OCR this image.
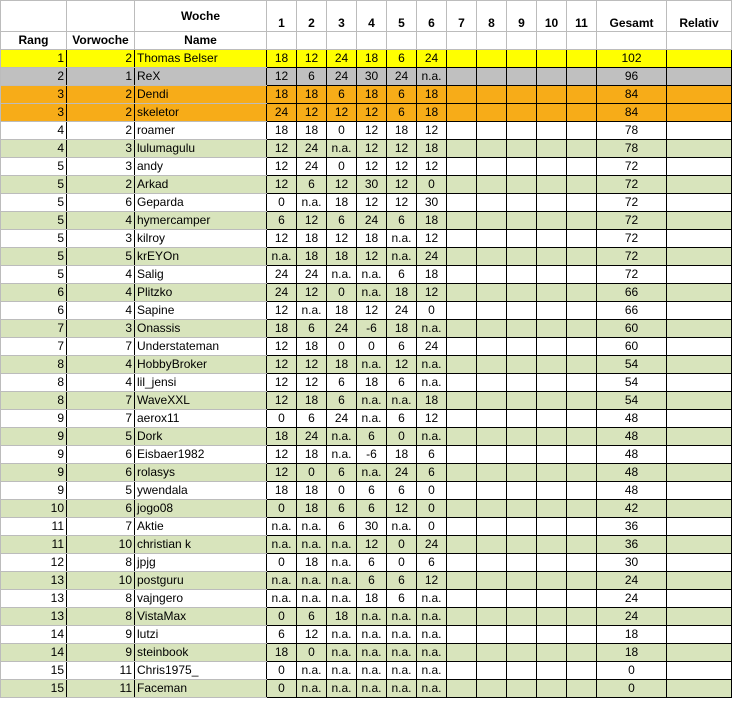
		Woche	1	2	3	4	5	6	7	8	9	10	11	Gesamt	Relativ
Rang	Vorwoche	Name													
1	2	Thomas Belser	18	12	24	18	6	24						102	
2	1	ReX	12	6	24	30	24	n.a.						96	
3	2	Dendi	18	18	6	18	6	18						84	
3	2	skeletor	24	12	12	12	6	18						84	
4	2	roamer	18	18	0	12	18	12						78	
4	3	lulumagulu	12	24	n.a.	12	12	18						78	
5	3	andy	12	24	0	12	12	12						72	
5	2	Arkad	12	6	12	30	12	0						72	
5	6	Geparda	0	n.a.	18	12	12	30						72	
5	4	hymercamper	6	12	6	24	6	18						72	
5	3	kilroy	12	18	12	18	n.a.	12						72	
5	5	krEYOn	n.a.	18	18	12	n.a.	24						72	
5	4	Salig	24	24	n.a.	n.a.	6	18						72	
6	4	Plitzko	24	12	0	n.a.	18	12						66	
6	4	Sapine	12	n.a.	18	12	24	0						66	
7	3	Onassis	18	6	24	-6	18	n.a.						60	
7	7	Understateman	12	18	0	0	6	24						60	
8	4	HobbyBroker	12	12	18	n.a.	12	n.a.						54	
8	4	lil_jensi	12	12	6	18	6	n.a.						54	
8	7	WaveXXL	12	18	6	n.a.	n.a.	18						54	
9	7	aerox11	0	6	24	n.a.	6	12						48	
9	5	Dork	18	24	n.a.	6	0	n.a.						48	
9	6	Eisbaer1982	12	18	n.a.	-6	18	6						48	
9	6	rolasys	12	0	6	n.a.	24	6						48	
9	5	ywendala	18	18	0	6	6	0						48	
10	6	jogo08	0	18	6	6	12	0						42	
11	7	Aktie	n.a.	n.a.	6	30	n.a.	0						36	
11	10	christian k	n.a.	n.a.	n.a.	12	0	24						36	
12	8	jpjg	0	18	n.a.	6	0	6						30	
13	10	postguru	n.a.	n.a.	n.a.	6	6	12						24	
13	8	vajngero	n.a.	n.a.	n.a.	18	6	n.a.						24	
13	8	VistaMax	0	6	18	n.a.	n.a.	n.a.						24	
14	9	lutzi	6	12	n.a.	n.a.	n.a.	n.a.						18	
14	9	steinbook	18	0	n.a.	n.a.	n.a.	n.a.						18	
15	11	Chris1975_	0	n.a.	n.a.	n.a.	n.a.	n.a.						0	
15	11	Faceman	0	n.a.	n.a.	n.a.	n.a.	n.a.						0	
